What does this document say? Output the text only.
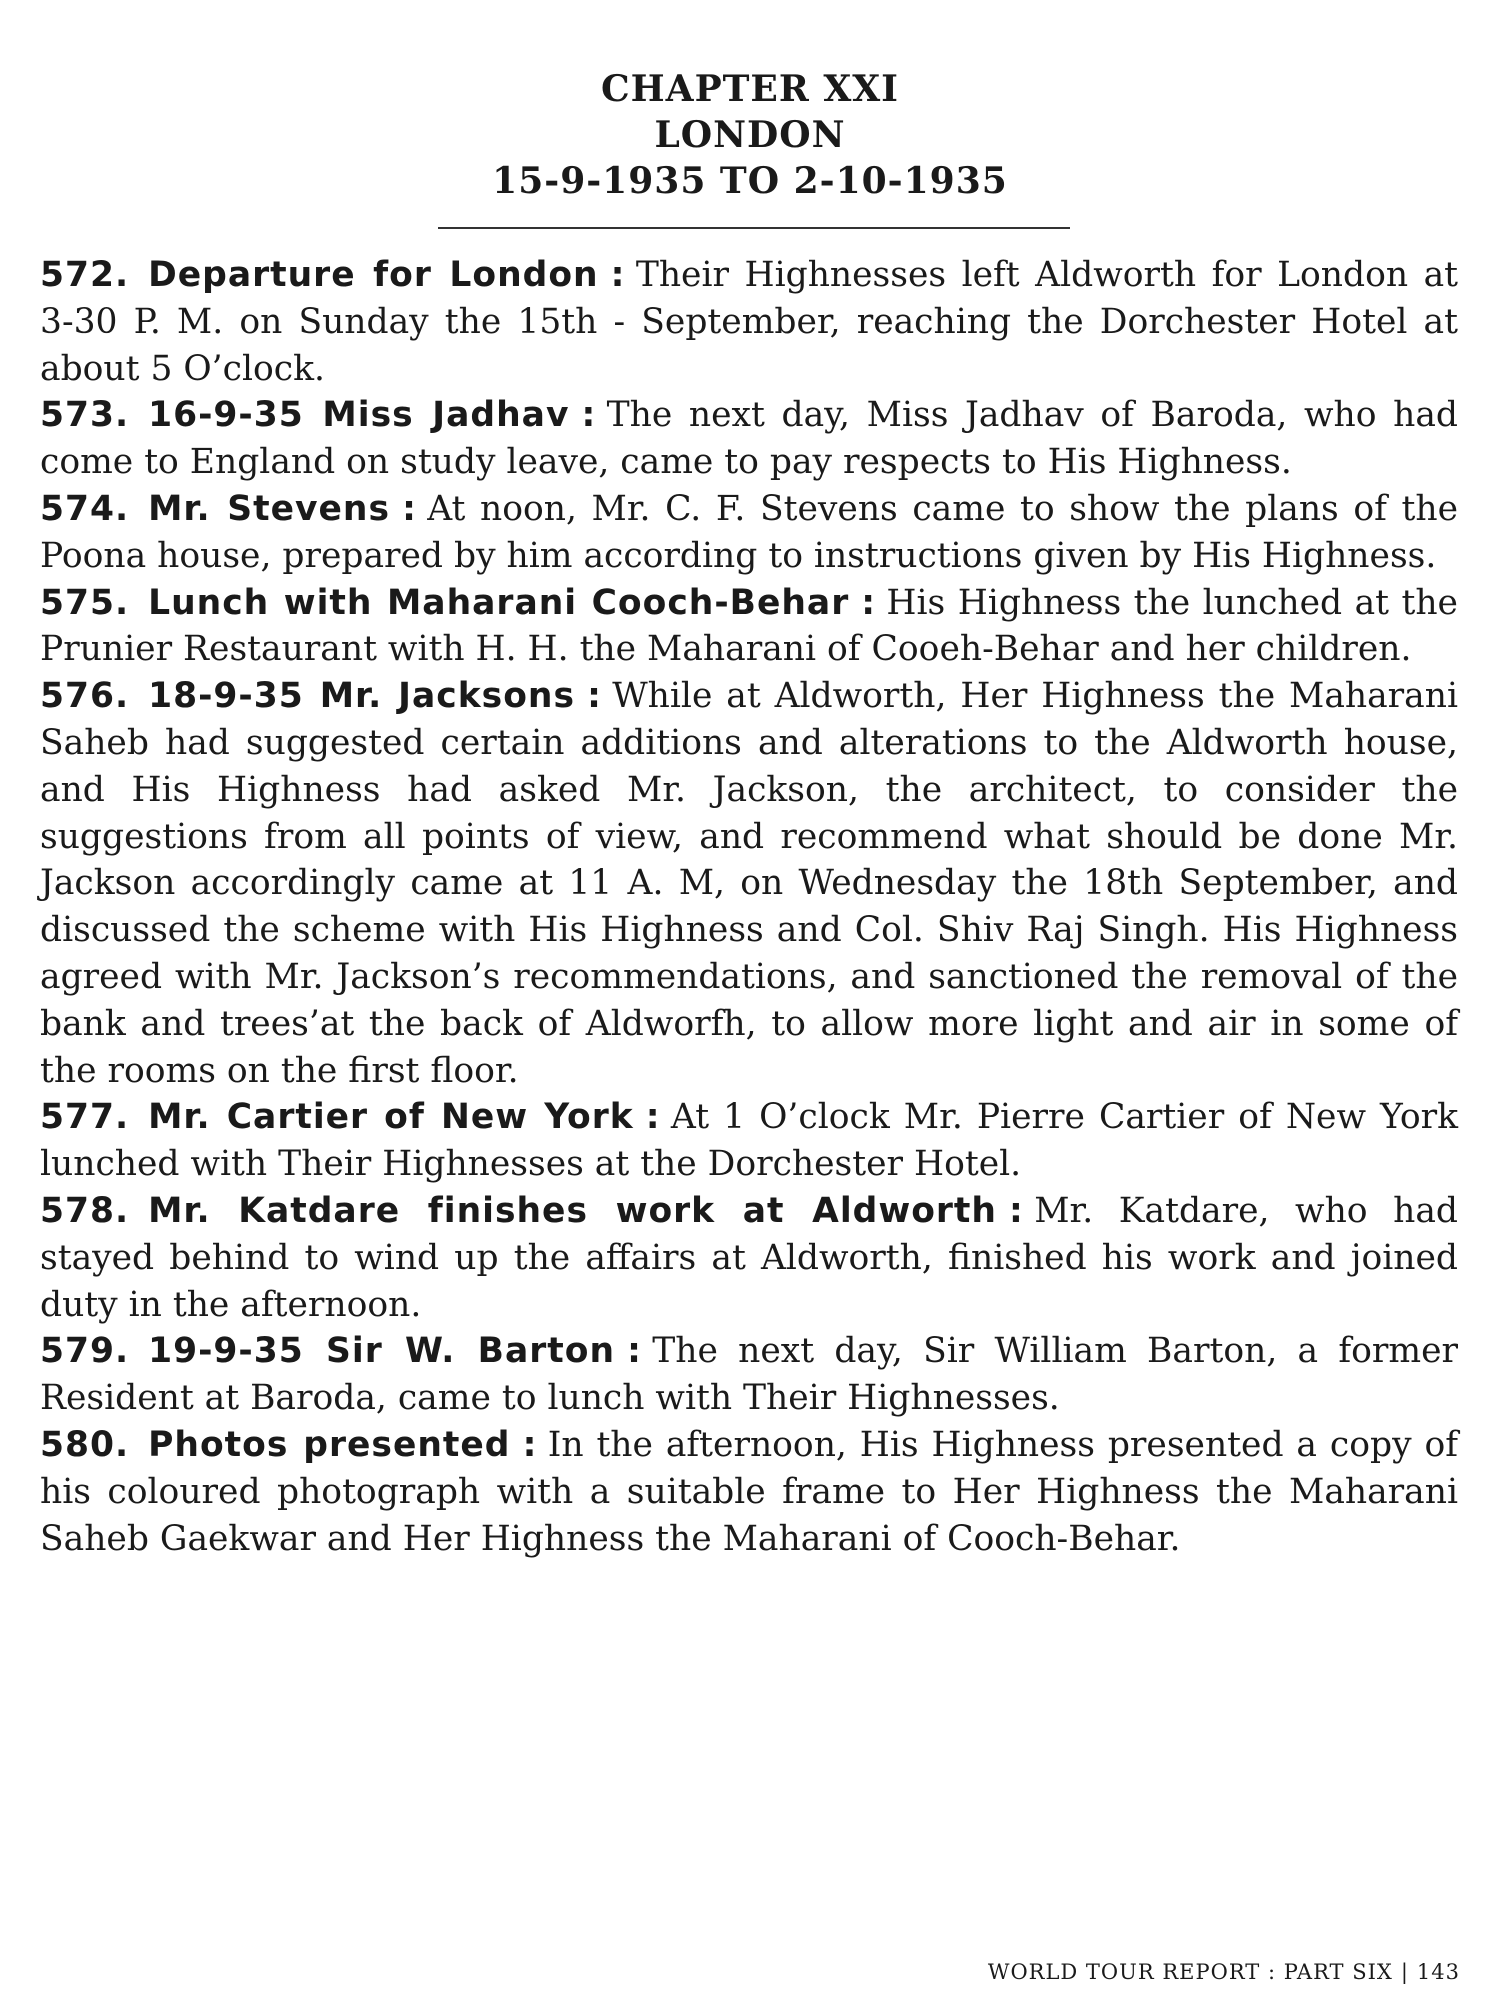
CHAPTER XXI
LONDON
15-9-1935 TO 2-10-1935

572. Departure for London : Their Highnesses left Aldworth for London at 3-30 P. M. on Sunday the 15th - September, reaching the Dorchester Hotel at about 5 O’clock.

573. 16-9-35 Miss Jadhav : The next day, Miss Jadhav of Baroda, who had come to England on study leave, came to pay respects to His Highness.

574. Mr. Stevens : At noon, Mr. C. F. Stevens came to show the plans of the Poona house, prepared by him according to instructions given by His Highness.

575. Lunch with Maharani Cooch-Behar : His Highness the lunched at the Prunier Restaurant with H. H. the Maharani of Cooeh-Behar and her children.

576. 18-9-35 Mr. Jacksons : While at Aldworth, Her Highness the Maharani Saheb had suggested certain additions and alterations to the Aldworth house, and His Highness had asked Mr. Jackson, the architect, to consider the suggestions from all points of view, and recommend what should be done Mr. Jackson accordingly came at 11 A. M, on Wednesday the 18th September, and discussed the scheme with His Highness and Col. Shiv Raj Singh. His Highness agreed with Mr. Jackson’s recommendations, and sanctioned the removal of the bank and trees’at the back of Aldworfh, to allow more light and air in some of the rooms on the first floor.

577. Mr. Cartier of New York : At 1 O’clock Mr. Pierre Cartier of New York lunched with Their Highnesses at the Dorchester Hotel.

578. Mr. Katdare finishes work at Aldworth : Mr. Katdare, who had stayed behind to wind up the affairs at Aldworth, finished his work and joined duty in the afternoon.

579. 19-9-35 Sir W. Barton : The next day, Sir William Barton, a former Resident at Baroda, came to lunch with Their Highnesses.

580. Photos presented : In the afternoon, His Highness presented a copy of his coloured photograph with a suitable frame to Her Highness the Maharani Saheb Gaekwar and Her Highness the Maharani of Cooch-Behar.

WORLD TOUR REPORT : PART SIX | 143
